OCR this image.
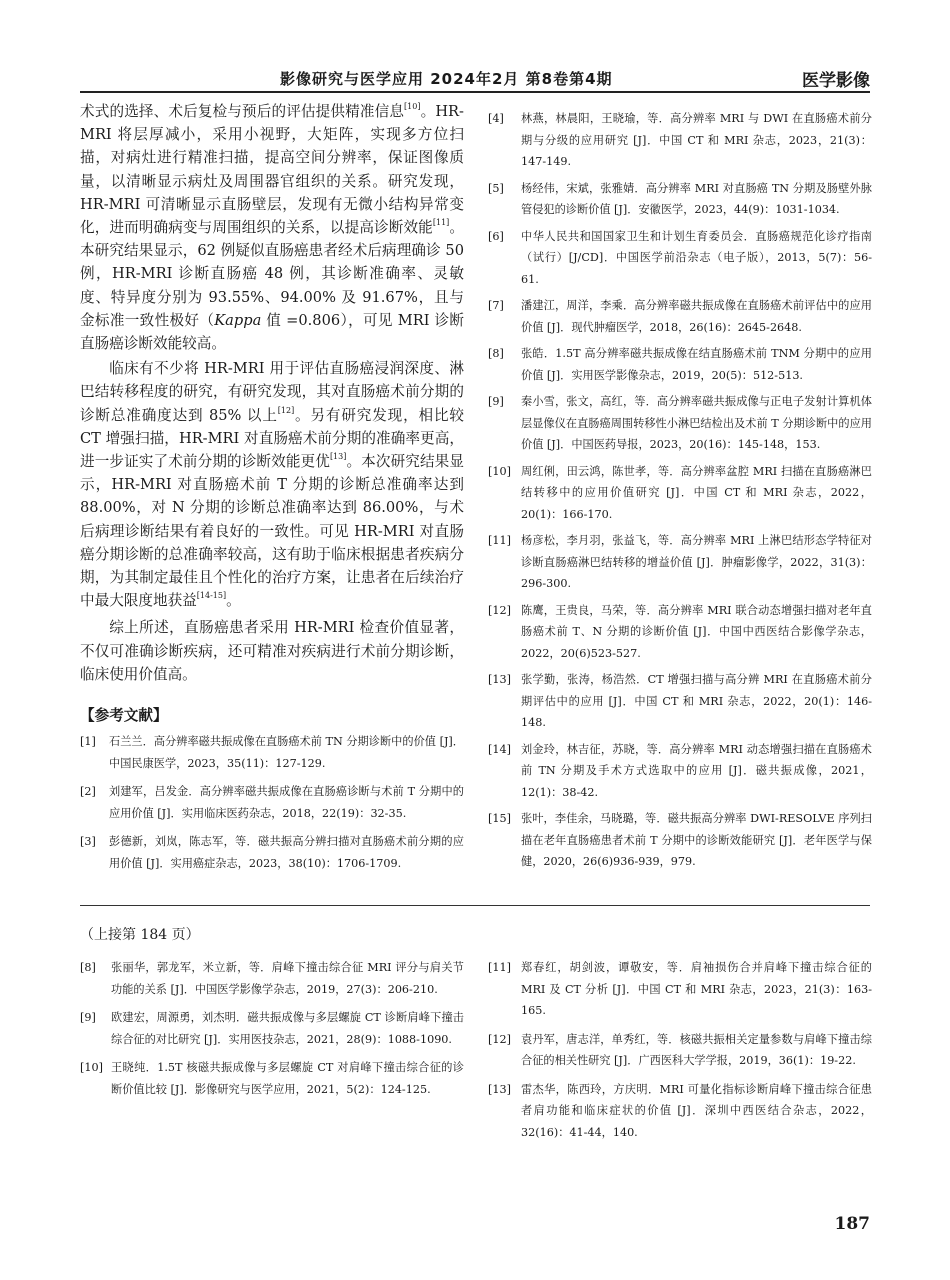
影像研究与医学应用 2024年2月 第8卷第4期	医学影像

术式的选择、术后复检与预后的评估提供精准信息[10]。HR-MRI 将层厚减小，采用小视野，大矩阵，实现多方位扫描，对病灶进行精准扫描，提高空间分辨率，保证图像质量，以清晰显示病灶及周围器官组织的关系。研究发现，HR-MRI 可清晰显示直肠壁层，发现有无微小结构异常变化，进而明确病变与周围组织的关系，以提高诊断效能[11]。本研究结果显示，62 例疑似直肠癌患者经术后病理确诊 50 例，HR-MRI 诊断直肠癌 48 例，其诊断准确率、灵敏度、特异度分别为 93.55%、94.00% 及 91.67%，且与金标准一致性极好（Kappa 值 =0.806），可见 MRI 诊断直肠癌诊断效能较高。

临床有不少将 HR-MRI 用于评估直肠癌浸润深度、淋巴结转移程度的研究，有研究发现，其对直肠癌术前分期的诊断总准确度达到 85% 以上[12]。另有研究发现，相比较 CT 增强扫描，HR-MRI 对直肠癌术前分期的准确率更高，进一步证实了术前分期的诊断效能更优[13]。本次研究结果显示，HR-MRI 对直肠癌术前 T 分期的诊断总准确率达到 88.00%，对 N 分期的诊断总准确率达到 86.00%，与术后病理诊断结果有着良好的一致性。可见 HR-MRI 对直肠癌分期诊断的总准确率较高，这有助于临床根据患者疾病分期，为其制定最佳且个性化的治疗方案，让患者在后续治疗中最大限度地获益[14-15]。

综上所述，直肠癌患者采用 HR-MRI 检查价值显著，不仅可准确诊断疾病，还可精准对疾病进行术前分期诊断，临床使用价值高。

【参考文献】
[1] 石兰兰．高分辨率磁共振成像在直肠癌术前 TN 分期诊断中的价值 [J]．中国民康医学，2023，35(11)：127-129.
[2] 刘建军，吕发金．高分辨率磁共振成像在直肠癌诊断与术前 T 分期中的应用价值 [J]．实用临床医药杂志，2018，22(19)：32-35.
[3] 彭德新，刘岚，陈志军，等．磁共振高分辨扫描对直肠癌术前分期的应用价值 [J]．实用癌症杂志，2023，38(10)：1706-1709.
[4] 林燕，林晨阳，王晓瑜，等．高分辨率 MRI 与 DWI 在直肠癌术前分期与分级的应用研究 [J]．中国 CT 和 MRI 杂志，2023，21(3)：147-149.
[5] 杨经伟，宋斌，张雅婧．高分辨率 MRI 对直肠癌 TN 分期及肠壁外脉管侵犯的诊断价值 [J]．安徽医学，2023，44(9)：1031-1034.
[6] 中华人民共和国国家卫生和计划生育委员会．直肠癌规范化诊疗指南（试行）[J/CD]．中国医学前沿杂志（电子版），2013，5(7)：56-61.
[7] 潘建江，周洋，李乘．高分辨率磁共振成像在直肠癌术前评估中的应用价值 [J]．现代肿瘤医学，2018，26(16)：2645-2648.
[8] 张皓．1.5T 高分辨率磁共振成像在结直肠癌术前 TNM 分期中的应用价值 [J]．实用医学影像杂志，2019，20(5)：512-513.
[9] 秦小雪，张文，高红，等．高分辨率磁共振成像与正电子发射计算机体层显像仪在直肠癌周围转移性小淋巴结检出及术前 T 分期诊断中的应用价值 [J]．中国医药导报，2023，20(16)：145-148，153.
[10] 周红俐，田云鸿，陈世孝，等．高分辨率盆腔 MRI 扫描在直肠癌淋巴结转移中的应用价值研究 [J]．中国 CT 和 MRI 杂志，2022，20(1)：166-170.
[11] 杨彦松，李月羽，张益飞，等．高分辨率 MRI 上淋巴结形态学特征对诊断直肠癌淋巴结转移的增益价值 [J]．肿瘤影像学，2022，31(3)：296-300.
[12] 陈鹰，王贵良，马荣，等．高分辨率 MRI 联合动态增强扫描对老年直肠癌术前 T、N 分期的诊断价值 [J]．中国中西医结合影像学杂志，2022，20(6)523-527.
[13] 张学勤，张涛，杨浩然．CT 增强扫描与高分辨 MRI 在直肠癌术前分期评估中的应用 [J]．中国 CT 和 MRI 杂志，2022，20(1)：146-148.
[14] 刘金玲，林吉征，苏晓，等．高分辨率 MRI 动态增强扫描在直肠癌术前 TN 分期及手术方式选取中的应用 [J]．磁共振成像，2021，12(1)：38-42.
[15] 张叶，李佳余，马晓璐，等．磁共振高分辨率 DWI-RESOLVE 序列扫描在老年直肠癌患者术前 T 分期中的诊断效能研究 [J]．老年医学与保健，2020，26(6)936-939，979.
（上接第 184 页）
[8] 张丽华，郭龙军，米立新，等．肩峰下撞击综合征 MRI 评分与肩关节功能的关系 [J]．中国医学影像学杂志，2019，27(3)：206-210.
[9] 欧建宏，周源勇，刘杰明．磁共振成像与多层螺旋 CT 诊断肩峰下撞击综合征的对比研究 [J]．实用医技杂志，2021，28(9)：1088-1090.
[10] 王晓纯．1.5T 核磁共振成像与多层螺旋 CT 对肩峰下撞击综合征的诊断价值比较 [J]．影像研究与医学应用，2021，5(2)：124-125.
[11] 郑春红，胡剑波，谭敬安，等．肩袖损伤合并肩峰下撞击综合征的 MRI 及 CT 分析 [J]．中国 CT 和 MRI 杂志，2023，21(3)：163-165.
[12] 袁丹军，唐志洋，单秀红，等．核磁共振相关定量参数与肩峰下撞击综合征的相关性研究 [J]．广西医科大学学报，2019，36(1)：19-22.
[13] 雷杰华，陈西玲，方庆明．MRI 可量化指标诊断肩峰下撞击综合征患者肩功能和临床症状的价值 [J]．深圳中西医结合杂志，2022，32(16)：41-44，140.
187
